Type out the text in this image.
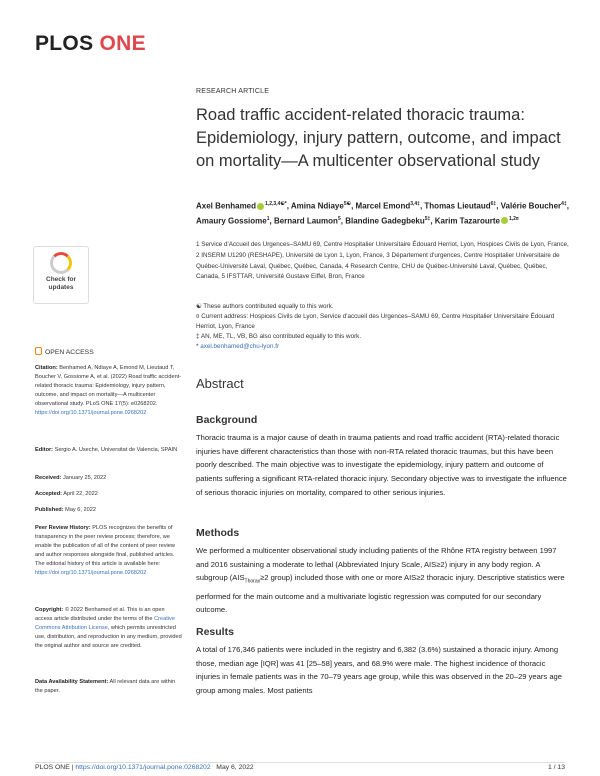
PLOS ONE
Check for updates
OPEN ACCESS
Citation: Benhamed A, Ndiaye A, Emond M, Lieutaud T, Boucher V, Gossiome A, et al. (2022) Road traffic accident-related thoracic trauma: Epidemiology, injury pattern, outcome, and impact on mortality—A multicenter observational study. PLoS ONE 17(5): e0268202. https://doi.org/10.1371/journal.pone.0268202
Editor: Sergio A. Useche, Universitat de Valencia, SPAIN
Received: January 25, 2022
Accepted: April 22, 2022
Published: May 6, 2022
Peer Review History: PLOS recognizes the benefits of transparency in the peer review process; therefore, we enable the publication of all of the content of peer review and author responses alongside final, published articles. The editorial history of this article is available here: https://doi.org/10.1371/journal.pone.0268202
Copyright: © 2022 Benhamed et al. This is an open access article distributed under the terms of the Creative Commons Attribution License, which permits unrestricted use, distribution, and reproduction in any medium, provided the original author and source are credited.
Data Availability Statement: All relevant data are within the paper.
RESEARCH ARTICLE
Road traffic accident-related thoracic trauma: Epidemiology, injury pattern, outcome, and impact on mortality—A multicenter observational study
Axel Benhamed $^{1,2,3,4☯*}$, Amina Ndiaye$^{5☯}$, Marcel Emond$^{3,4\ddagger}$, Thomas Lieutaud$^{6\ddagger}$, Valérie Boucher$^{4\ddagger}$, Amaury Gossiome$^1$, Bernard Laumon$^5$, Blandine Gadegbeku$^{5\ddagger}$, Karim Tazarourte $^{1,2¤}$
1 Service d'Accueil des Urgences–SAMU 69, Centre Hospitalier Universitaire Édouard Herriot, Lyon, Hospices Civils de Lyon, France, 2 INSERM U1290 (RESHAPE), Université de Lyon 1, Lyon, France, 3 Département d'urgences, Centre Hospitalier Universitaire de Québec-Université Laval, Québec, Québec, Canada, 4 Research Centre, CHU de Québec-Université Laval, Québec, Québec, Canada, 5 IFSTTAR, Université Gustave Eiffel, Bron, France
☯ These authors contributed equally to this work.
¤ Current address: Hospices Civils de Lyon, Service d'accueil des Urgences–SAMU 69, Centre Hospitalier Universitaire Édouard Herriot, Lyon, France
‡ AN, ME, TL, VB, BG also contributed equally to this work.
* axel.benhamed@chu-lyon.fr
Abstract
Background
Thoracic trauma is a major cause of death in trauma patients and road traffic accident (RTA)-related thoracic injuries have different characteristics than those with non-RTA related thoracic traumas, but this have been poorly described. The main objective was to investigate the epidemiology, injury pattern and outcome of patients suffering a significant RTA-related thoracic injury. Secondary objective was to investigate the influence of serious thoracic injuries on mortality, compared to other serious injuries.
Methods
We performed a multicenter observational study including patients of the Rhône RTA registry between 1997 and 2016 sustaining a moderate to lethal (Abbreviated Injury Scale, AIS≥2) injury in any body region. A subgroup ($AIS_{Thorax}\ge 2$ group) included those with one or more AIS≥2 thoracic injury. Descriptive statistics were performed for the main outcome and a multivariate logistic regression was computed for our secondary outcome.
Results
A total of 176,346 patients were included in the registry and 6,382 (3.6%) sustained a thoracic injury. Among those, median age [IQR] was 41 [25–58] years, and 68.9% were male. The highest incidence of thoracic injuries in female patients was in the 70–79 years age group, while this was observed in the 20–29 years age group among males. Most patients
PLOS ONE | https://doi.org/10.1371/journal.pone.0268202 May 6, 2022	1 / 13
